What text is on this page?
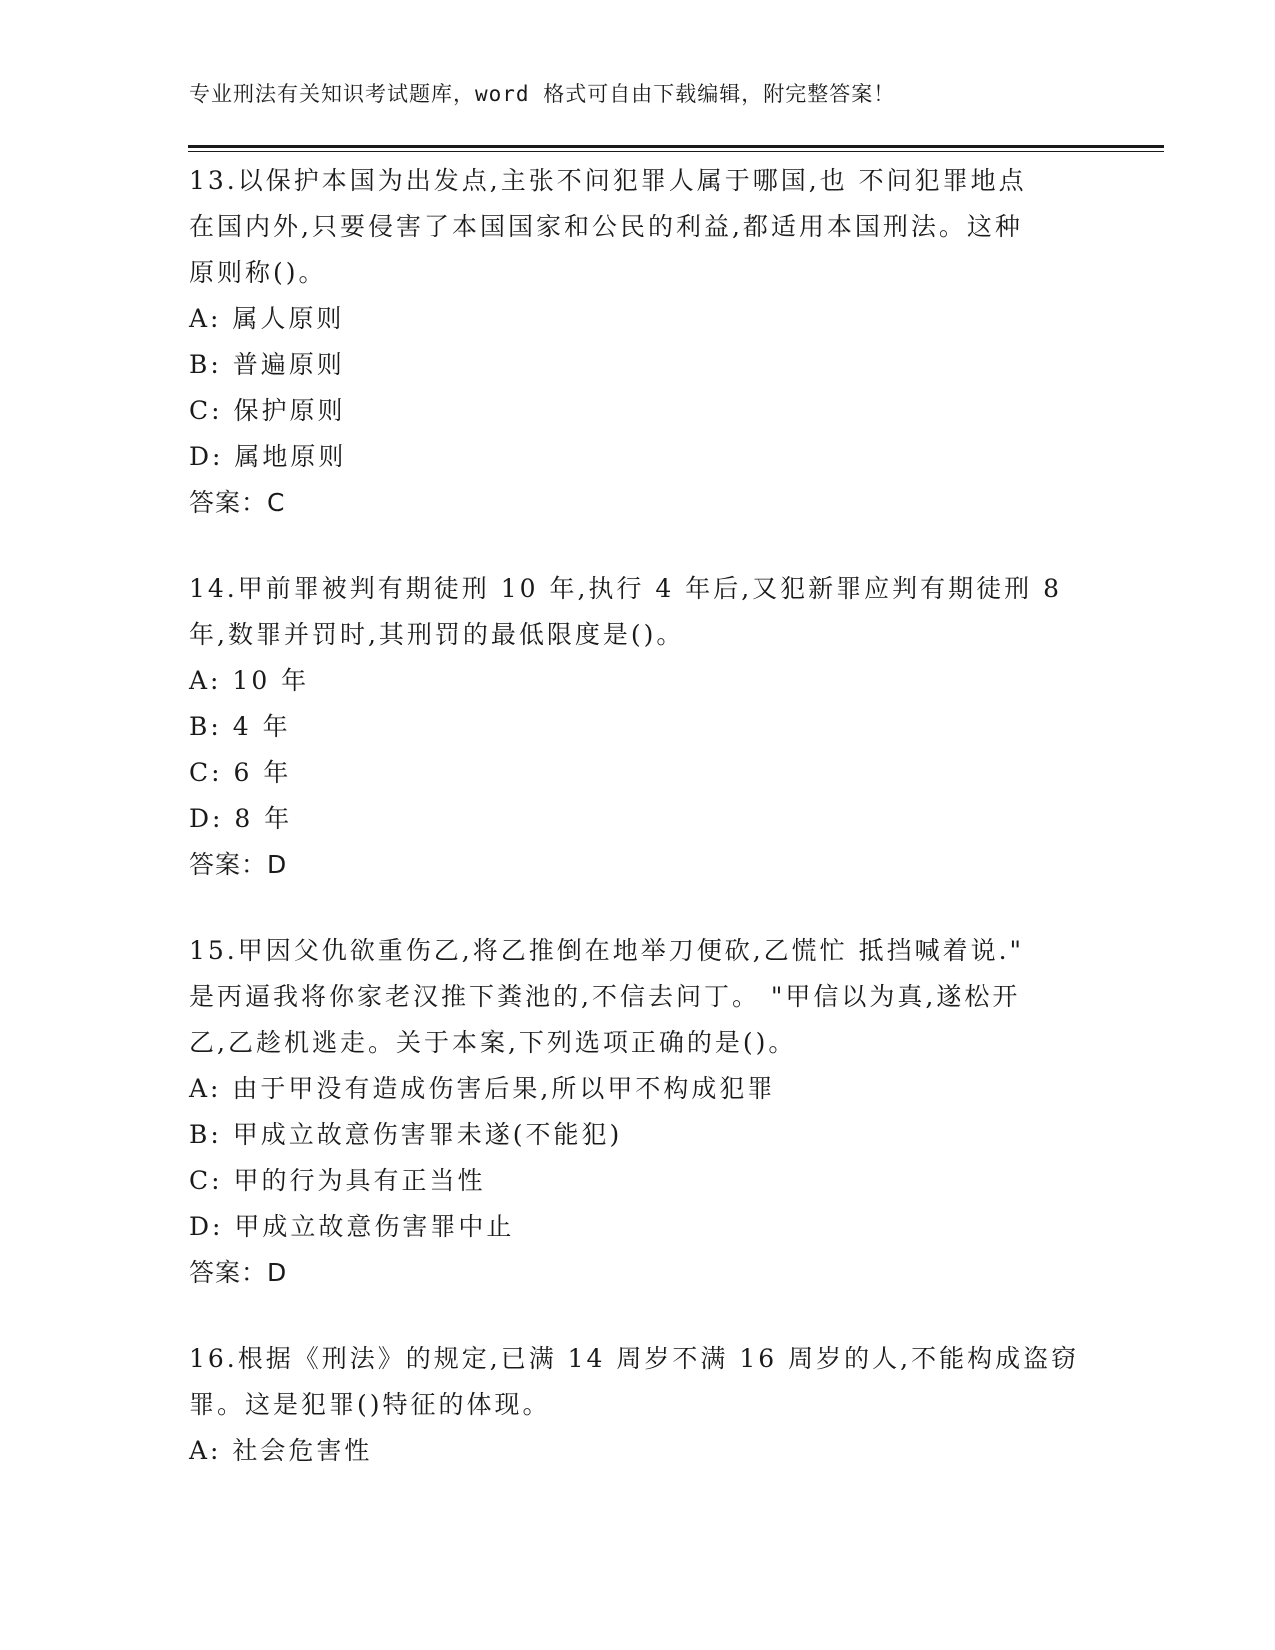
专业刑法有关知识考试题库，word 格式可自由下载编辑，附完整答案！
13.以保护本国为出发点,主张不问犯罪人属于哪国,也 不问犯罪地点
在国内外,只要侵害了本国国家和公民的利益,都适用本国刑法。这种
原则称()。
A: 属人原则
B: 普遍原则
C: 保护原则
D: 属地原则
答案：C
14.甲前罪被判有期徒刑 10 年,执行 4 年后,又犯新罪应判有期徒刑 8
年,数罪并罚时,其刑罚的最低限度是()。
A: 10 年
B: 4 年
C: 6 年
D: 8 年
答案：D
15.甲因父仇欲重伤乙,将乙推倒在地举刀便砍,乙慌忙 抵挡喊着说."
是丙逼我将你家老汉推下粪池的,不信去问丁。 "甲信以为真,遂松开
乙,乙趁机逃走。关于本案,下列选项正确的是()。
A: 由于甲没有造成伤害后果,所以甲不构成犯罪
B: 甲成立故意伤害罪未遂(不能犯)
C: 甲的行为具有正当性
D: 甲成立故意伤害罪中止
答案：D
16.根据《刑法》的规定,已满 14 周岁不满 16 周岁的人,不能构成盗窃
罪。这是犯罪()特征的体现。
A: 社会危害性
